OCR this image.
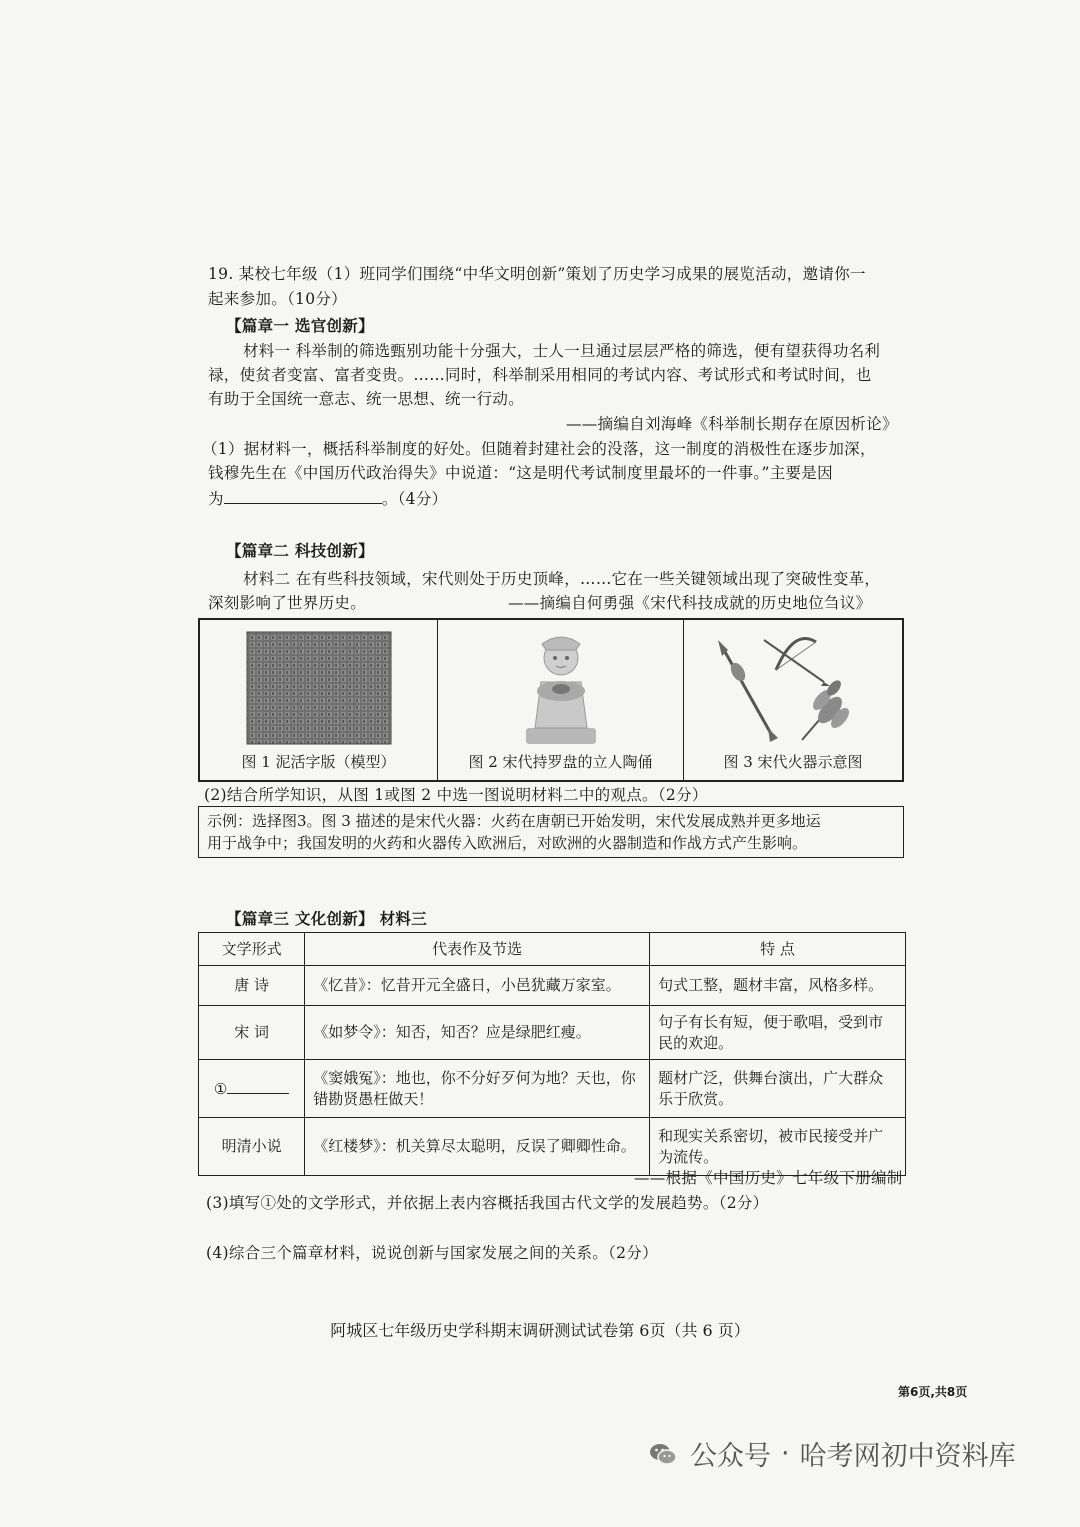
19. 某校七年级（1）班同学们围绕“中华文明创新”策划了历史学习成果的展览活动，邀请你一
起来参加。（10分）
【篇章一 选官创新】
材料一 科举制的筛选甄别功能十分强大，士人一旦通过层层严格的筛选，便有望获得功名利
禄，使贫者变富、富者变贵。……同时，科举制采用相同的考试内容、考试形式和考试时间，也
有助于全国统一意志、统一思想、统一行动。
——摘编自刘海峰《科举制长期存在原因析论》
（1）据材料一，概括科举制度的好处。但随着封建社会的没落，这一制度的消极性在逐步加深，
钱穆先生在《中国历代政治得失》中说道：“这是明代考试制度里最坏的一件事。”主要是因
为	。（4分）
【篇章二 科技创新】
材料二 在有些科技领域，宋代则处于历史顶峰，……它在一些关键领域出现了突破性变革，
深刻影响了世界历史。	——摘编自何勇强《宋代科技成就的历史地位刍议》
图 1 泥活字版（模型）	图 2 宋代持罗盘的立人陶俑	图 3 宋代火器示意图
(2)结合所学知识，从图 1或图 2 中选一图说明材料二中的观点。（2分）
示例：选择图3。图 3 描述的是宋代火器：火药在唐朝已开始发明，宋代发展成熟并更多地运
用于战争中；我国发明的火药和火器传入欧洲后，对欧洲的火器制造和作战方式产生影响。
【篇章三 文化创新】 材料三
文学形式	代表作及节选	特 点
唐 诗	《忆昔》：忆昔开元全盛日，小邑犹藏万家室。	句式工整，题材丰富，风格多样。
宋 词	《如梦令》：知否，知否？应是绿肥红瘦。	句子有长有短，便于歌唱，受到市民的欢迎。
①	《窦娥冤》：地也，你不分好歹何为地？天也，你错勘贤愚枉做天！	题材广泛，供舞台演出，广大群众乐于欣赏。
明清小说	《红楼梦》：机关算尽太聪明，反误了卿卿性命。	和现实关系密切，被市民接受并广为流传。
——根据《中国历史》七年级下册编制
(3)填写①处的文学形式，并依据上表内容概括我国古代文学的发展趋势。（2分）
(4)综合三个篇章材料，说说创新与国家发展之间的关系。（2分）
阿城区七年级历史学科期末调研测试试卷第 6页（共 6 页）
第6页,共8页
公众号 · 哈考网初中资料库
